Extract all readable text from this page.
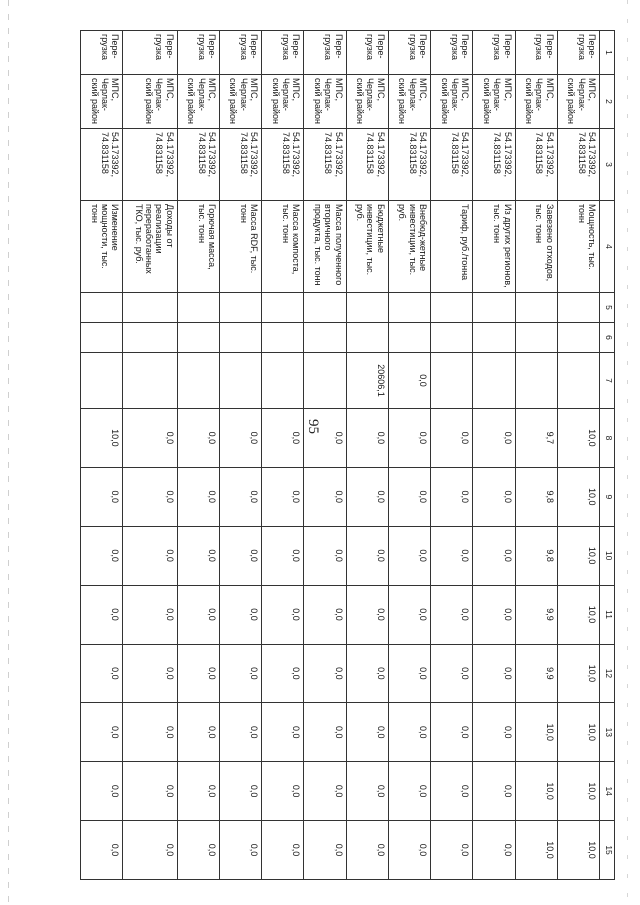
95
1	2	3	4	5	6	7	8	9	10	11	12	13	14	15
Пере-грузка	МПС, Черлак-ский район	54.173392, 74.831158	Мощность, тыс. тонн				10,0	10,0	10,0	10,0	10,0	10,0	10,0	10,0
Пере-грузка	МПС, Черлак-ский район	54.173392, 74.831158	Завезено отходов, тыс. тонн				9,7	9,8	9,8	9,9	9,9	10,0	10,0	10,0
Пере-грузка	МПС, Черлак-ский район	54.173392, 74.831158	Из других регионов, тыс. тонн				0,0	0,0	0,0	0,0	0,0	0,0	0,0	0,0
Пере-грузка	МПС, Черлак-ский район	54.173392, 74.831158	Тариф, руб./тонна				0,0	0,0	0,0	0,0	0,0	0,0	0,0	0,0
Пере-грузка	МПС, Черлак-ский район	54.173392, 74.831158	Внебюд-жетные инвестиции, тыс. руб.			0,0	0,0	0,0	0,0	0,0	0,0	0,0	0,0	0,0
Пере-грузка	МПС, Черлак-ский район	54.173392, 74.831158	Бюджетные инвестиции, тыс. руб.			20606,1	0,0	0,0	0,0	0,0	0,0	0,0	0,0	0,0
Пере-грузка	МПС, Черлак-ский район	54.173392, 74.831158	Масса полученного вторичного продукта, тыс. тонн				0,0	0,0	0,0	0,0	0,0	0,0	0,0	0,0
Пере-грузка	МПС, Черлак-ский район	54.173392, 74.831158	Масса компоста, тыс. тонн				0,0	0,0	0,0	0,0	0,0	0,0	0,0	0,0
Пере-грузка	МПС, Черлак-ский район	54.173392, 74.831158	Масса RDF, тыс. тонн				0,0	0,0	0,0	0,0	0,0	0,0	0,0	0,0
Пере-грузка	МПС, Черлак-ский район	54.173392, 74.831158	Горючая масса, тыс. тонн				0,0	0,0	0,0	0,0	0,0	0,0	0,0	0,0
Пере-грузка	МПС, Черлак-ский район	54.173392, 74.831158	Доходы от реализации переработанных ТКО, тыс. руб.				0,0	0,0	0,0	0,0	0,0	0,0	0,0	0,0
Пере-грузка	МПС, Черлак-ский район	54.173392, 74.831158	Изменение мощности, тыс. тонн				10,0	0,0	0,0	0,0	0,0	0,0	0,0	0,0
